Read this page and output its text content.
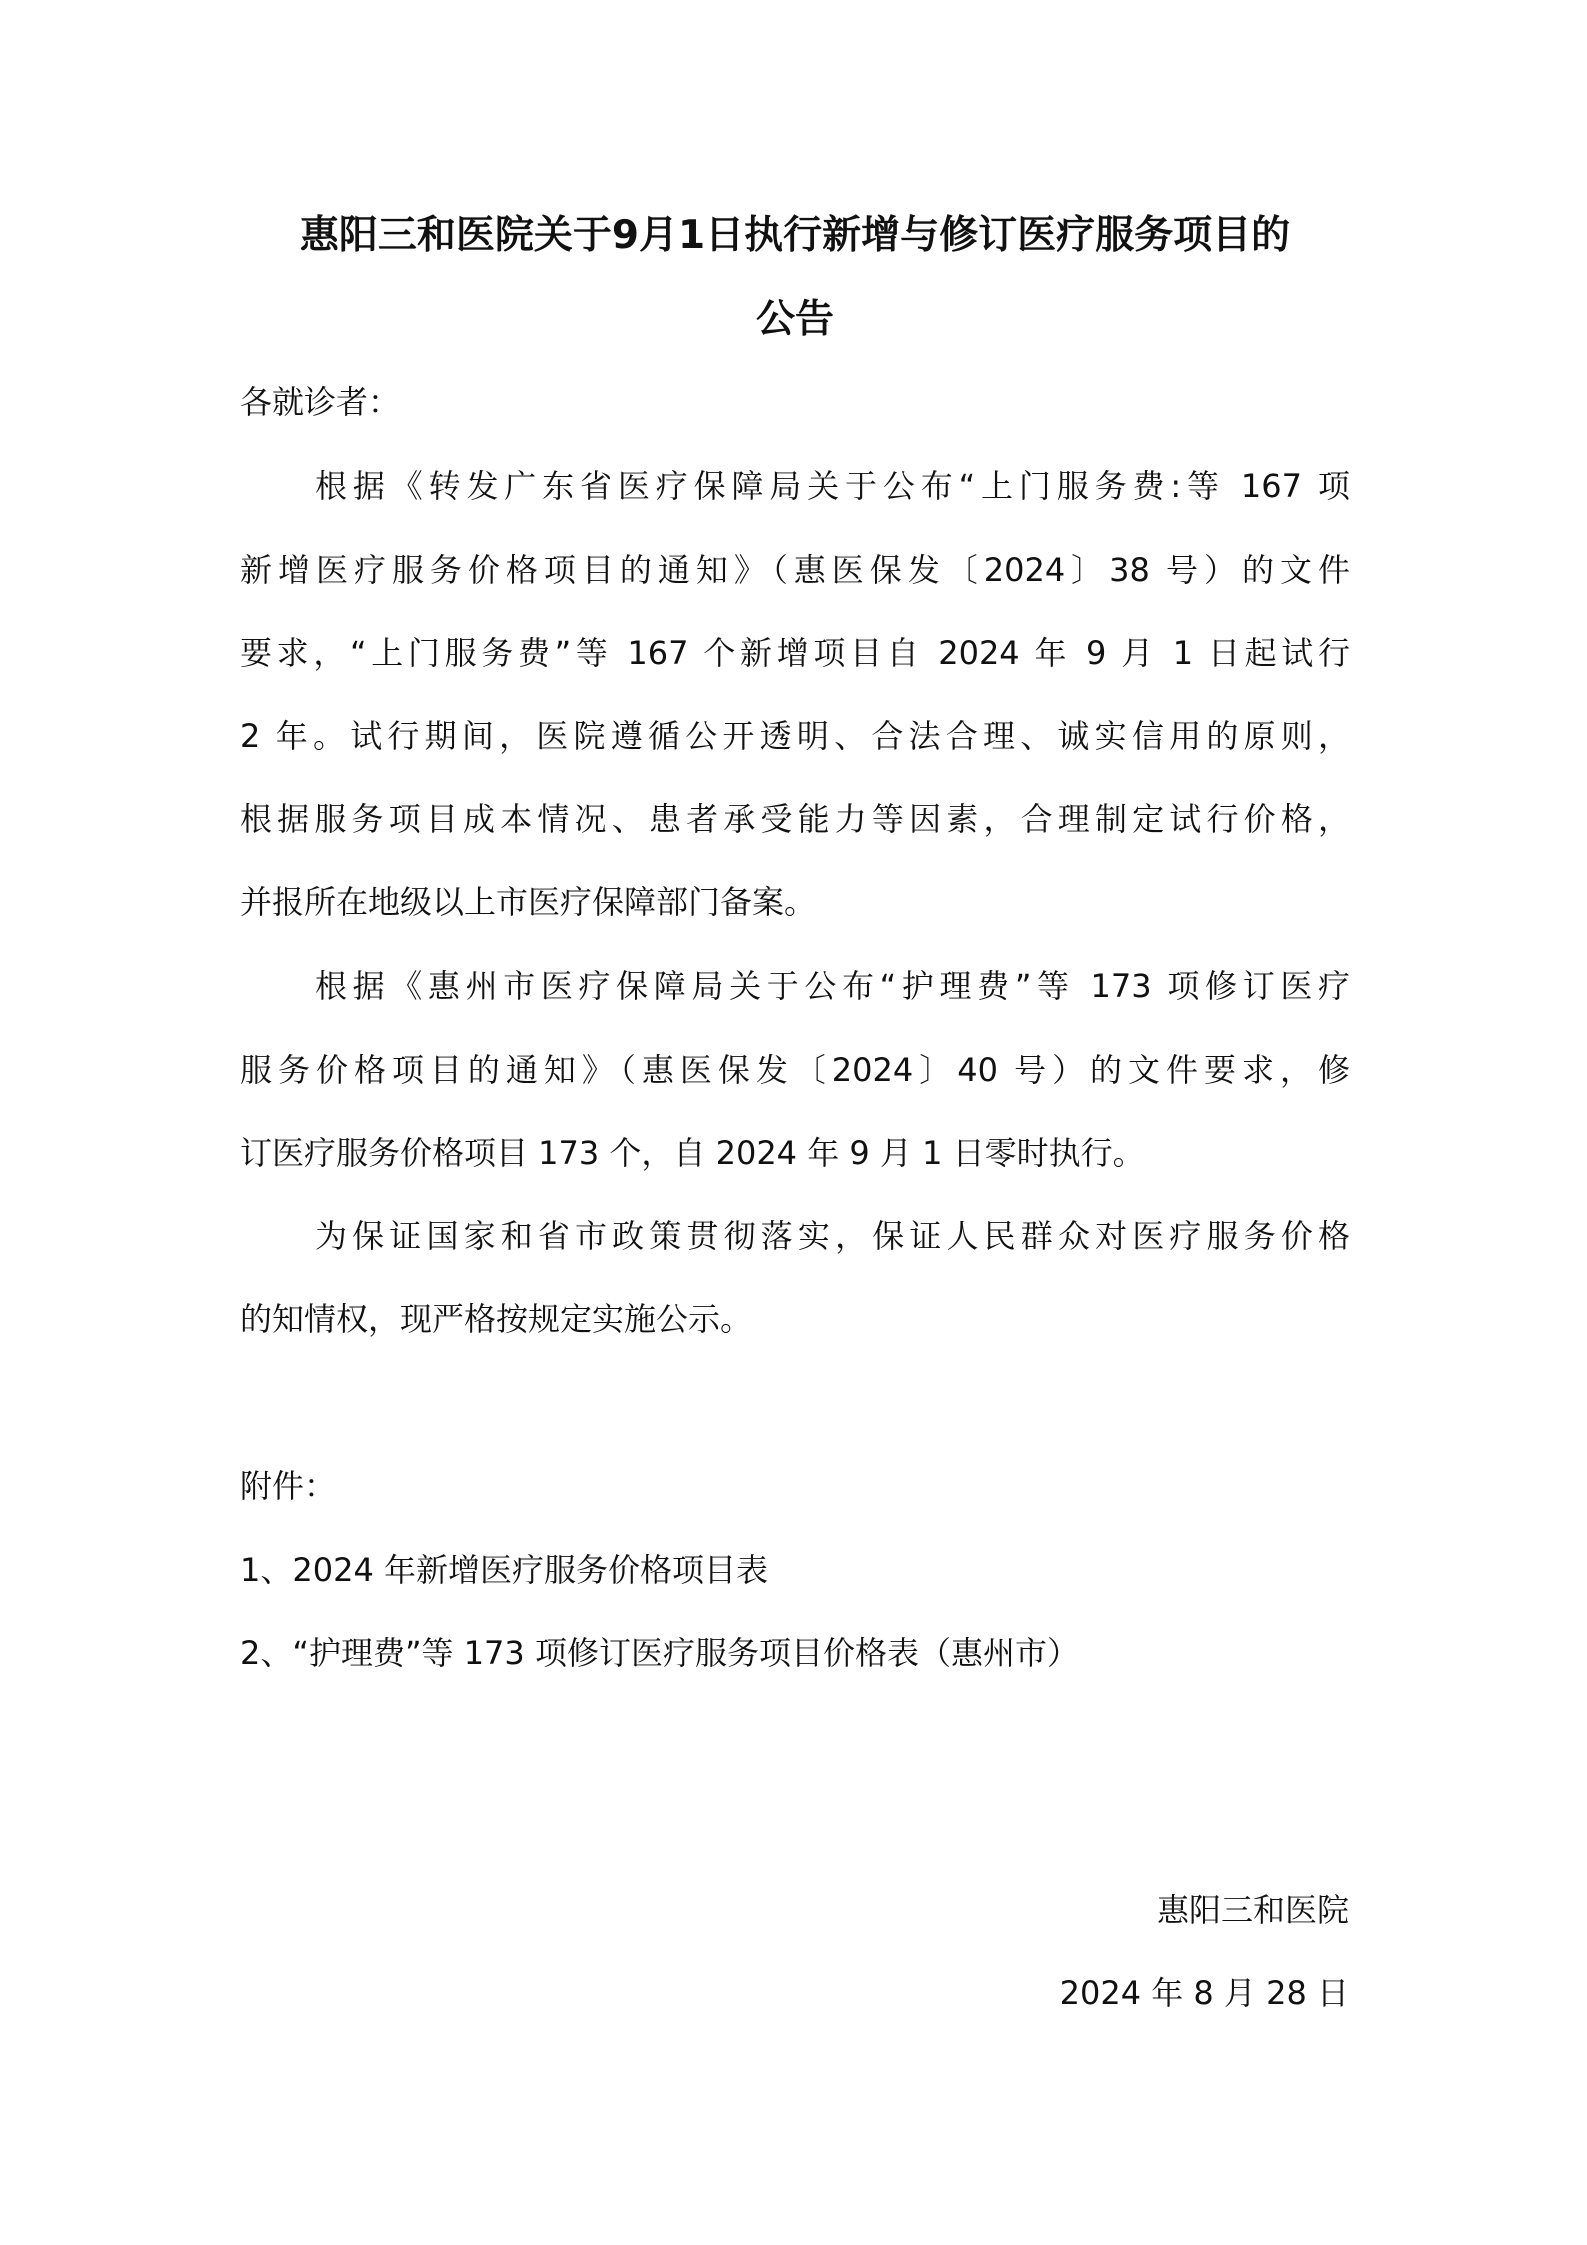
惠阳三和医院关于9月1日执行新增与修订医疗服务项目的
公告

各就诊者：

根据《转发广东省医疗保障局关于公布“上门服务费:等 167 项

新增医疗服务价格项目的通知》（惠医保发〔2024〕38 号）的文件

要求，“上门服务费”等 167 个新增项目自 2024 年 9 月 1 日起试行

2 年。试行期间，医院遵循公开透明、合法合理、诚实信用的原则，

根据服务项目成本情况、患者承受能力等因素，合理制定试行价格，

并报所在地级以上市医疗保障部门备案。

根据《惠州市医疗保障局关于公布“护理费”等 173 项修订医疗

服务价格项目的通知》（惠医保发〔2024〕40 号）的文件要求，修

订医疗服务价格项目 173 个，自 2024 年 9 月 1 日零时执行。

为保证国家和省市政策贯彻落实，保证人民群众对医疗服务价格

的知情权，现严格按规定实施公示。

附件：

1、2024 年新增医疗服务价格项目表

2、“护理费”等 173 项修订医疗服务项目价格表（惠州市）

惠阳三和医院

2024 年 8 月 28 日
